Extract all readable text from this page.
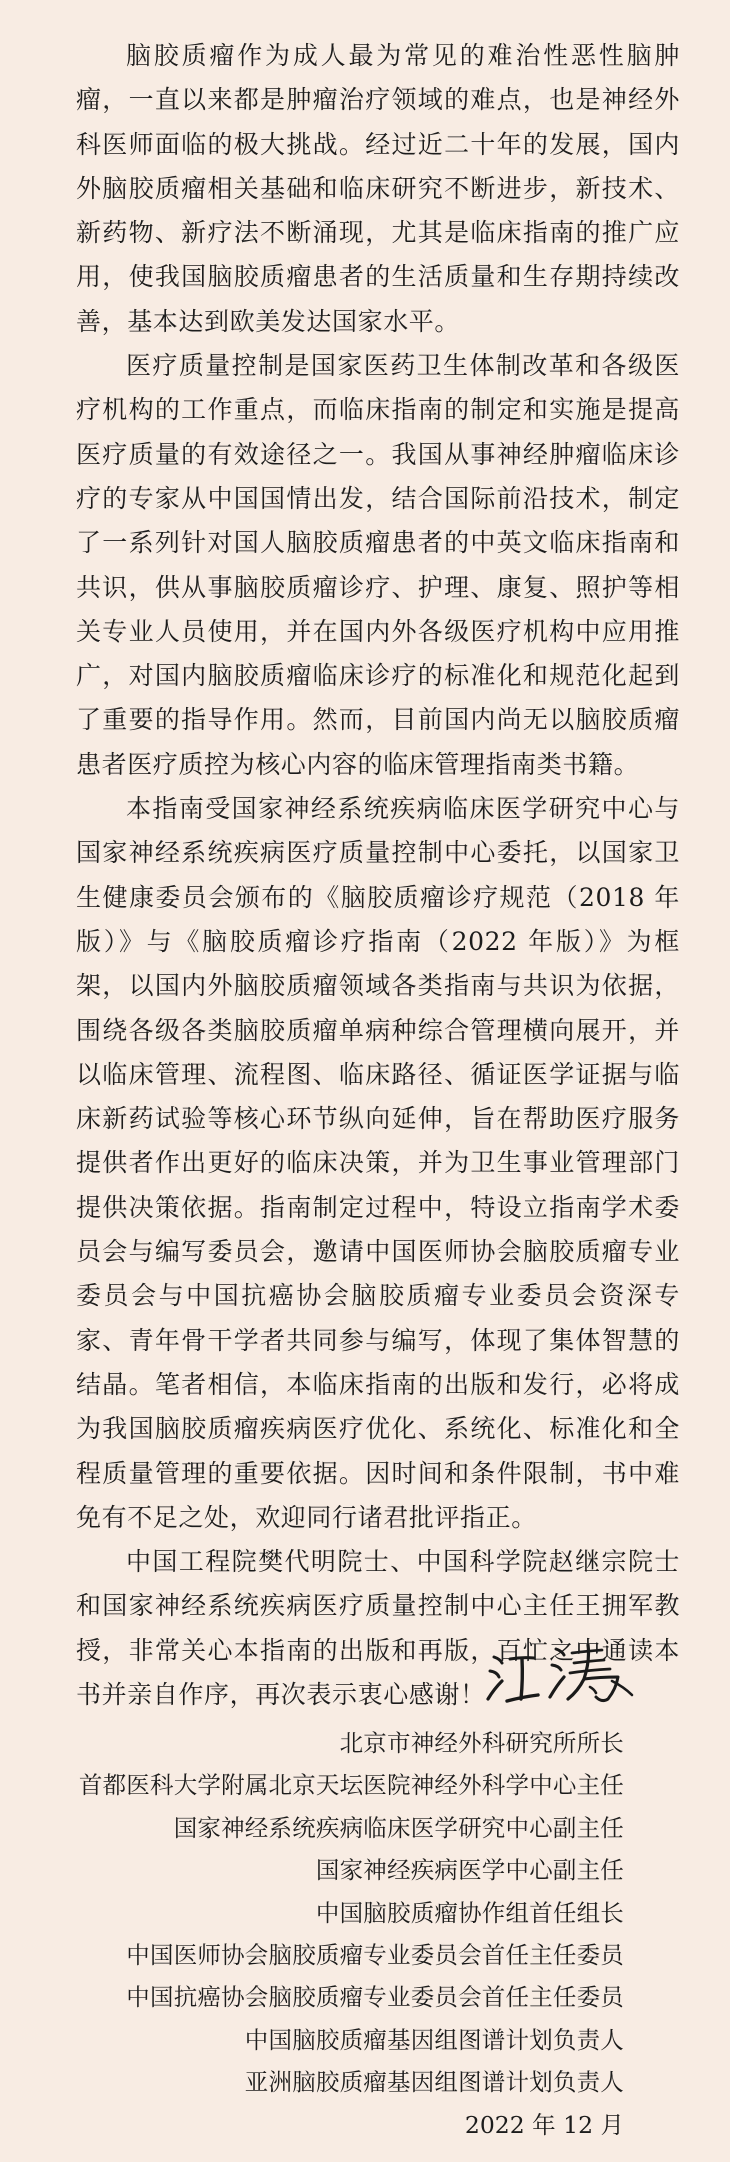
脑胶质瘤作为成人最为常见的难治性恶性脑肿瘤，一直以来都是肿瘤治疗领域的难点，也是神经外科医师面临的极大挑战。经过近二十年的发展，国内外脑胶质瘤相关基础和临床研究不断进步，新技术、新药物、新疗法不断涌现，尤其是临床指南的推广应用，使我国脑胶质瘤患者的生活质量和生存期持续改善，基本达到欧美发达国家水平。

医疗质量控制是国家医药卫生体制改革和各级医疗机构的工作重点，而临床指南的制定和实施是提高医疗质量的有效途径之一。我国从事神经肿瘤临床诊疗的专家从中国国情出发，结合国际前沿技术，制定了一系列针对国人脑胶质瘤患者的中英文临床指南和共识，供从事脑胶质瘤诊疗、护理、康复、照护等相关专业人员使用，并在国内外各级医疗机构中应用推广，对国内脑胶质瘤临床诊疗的标准化和规范化起到了重要的指导作用。然而，目前国内尚无以脑胶质瘤患者医疗质控为核心内容的临床管理指南类书籍。

本指南受国家神经系统疾病临床医学研究中心与国家神经系统疾病医疗质量控制中心委托，以国家卫生健康委员会颁布的《脑胶质瘤诊疗规范（2018 年版）》与《脑胶质瘤诊疗指南（2022 年版）》为框架，以国内外脑胶质瘤领域各类指南与共识为依据，围绕各级各类脑胶质瘤单病种综合管理横向展开，并以临床管理、流程图、临床路径、循证医学证据与临床新药试验等核心环节纵向延伸，旨在帮助医疗服务提供者作出更好的临床决策，并为卫生事业管理部门提供决策依据。指南制定过程中，特设立指南学术委员会与编写委员会，邀请中国医师协会脑胶质瘤专业委员会与中国抗癌协会脑胶质瘤专业委员会资深专家、青年骨干学者共同参与编写，体现了集体智慧的结晶。笔者相信，本临床指南的出版和发行，必将成为我国脑胶质瘤疾病医疗优化、系统化、标准化和全程质量管理的重要依据。因时间和条件限制，书中难免有不足之处，欢迎同行诸君批评指正。

中国工程院樊代明院士、中国科学院赵继宗院士和国家神经系统疾病医疗质量控制中心主任王拥军教授，非常关心本指南的出版和再版，百忙之中通读本书并亲自作序，再次表示衷心感谢！

北京市神经外科研究所所长
首都医科大学附属北京天坛医院神经外科学中心主任
国家神经系统疾病临床医学研究中心副主任
国家神经疾病医学中心副主任
中国脑胶质瘤协作组首任组长
中国医师协会脑胶质瘤专业委员会首任主任委员
中国抗癌协会脑胶质瘤专业委员会首任主任委员
中国脑胶质瘤基因组图谱计划负责人
亚洲脑胶质瘤基因组图谱计划负责人
2022 年 12 月
